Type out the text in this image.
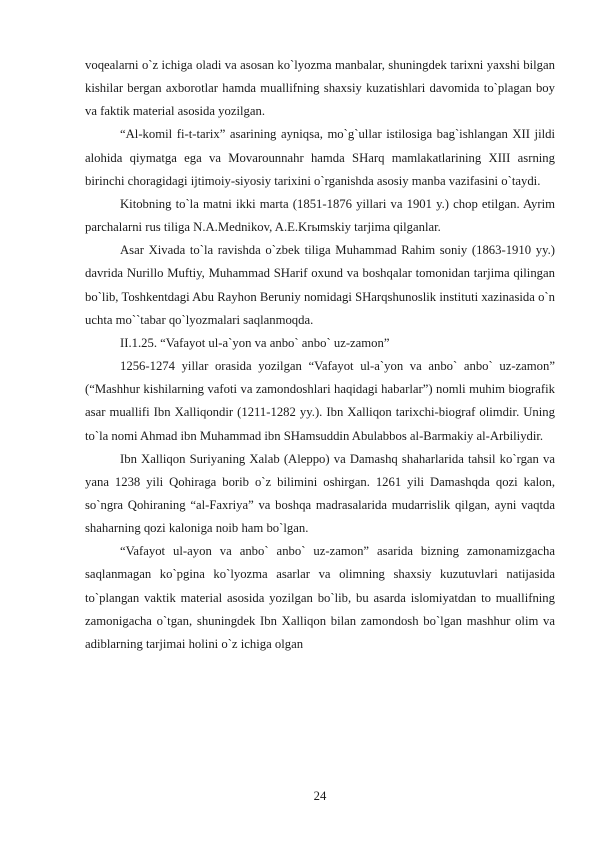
voqealarni o`z ichiga oladi va asosan ko`lyozma manbalar, shuningdek tarixni yaxshi bilgan kishilar bergan axborotlar hamda muallifning shaxsiy kuzatishlari davomida to`plagan boy va faktik material asosida yozilgan.

“Al-komil fi-t-tarix” asarining ayniqsa, mo`g`ullar istilosiga bag`ishlangan XII jildi alohida qiymatga ega va Movarounnahr hamda SHarq mamlakatlarining XIII asrning birinchi choragidagi ijtimoiy-siyosiy tarixini o`rganishda asosiy manba vazifasini o`taydi.

Kitobning to`la matni ikki marta (1851-1876 yillari va 1901 y.) chop etilgan. Ayrim parchalarni rus tiliga N.A.Mednikov, A.E.Krыmskiy tarjima qilganlar.

Asar Xivada to`la ravishda o`zbek tiliga Muhammad Rahim soniy (1863-1910 yy.) davrida Nurillo Muftiy, Muhammad SHarif oxund va boshqalar tomonidan tarjima qilingan bo`lib, Toshkentdagi Abu Rayhon Beruniy nomidagi SHarqshunoslik instituti xazinasida o`n uchta mo``tabar qo`lyozmalari saqlanmoqda.

II.1.25. “Vafayot ul-a`yon va anbo` anbo` uz-zamon”

1256-1274 yillar orasida yozilgan “Vafayot ul-a`yon va anbo` anbo` uz-zamon” (“Mashhur kishilarning vafoti va zamondoshlari haqidagi habarlar”) nomli muhim biografik asar muallifi Ibn Xalliqondir (1211-1282 yy.). Ibn Xalliqon tarixchi-biograf olimdir. Uning to`la nomi Ahmad ibn Muhammad ibn SHamsuddin Abulabbos al-Barmakiy al-Arbiliydir.

Ibn Xalliqon Suriyaning Xalab (Aleppo) va Damashq shaharlarida tahsil ko`rgan va yana 1238 yili Qohiraga borib o`z bilimini oshirgan. 1261 yili Damashqda qozi kalon, so`ngra Qohiraning “al-Faxriya” va boshqa madrasalarida mudarrislik qilgan, ayni vaqtda shaharning qozi kaloniga noib ham bo`lgan.

“Vafayot ul-ayon va anbo` anbo` uz-zamon” asarida bizning zamonamizgacha saqlanmagan ko`pgina ko`lyozma asarlar va olimning shaxsiy kuzutuvlari natijasida to`plangan vaktik material asosida yozilgan bo`lib, bu asarda islomiyatdan to muallifning zamonigacha o`tgan, shuningdek Ibn Xalliqon bilan zamondosh bo`lgan mashhur olim va adiblarning tarjimai holini o`z ichiga olgan

24
